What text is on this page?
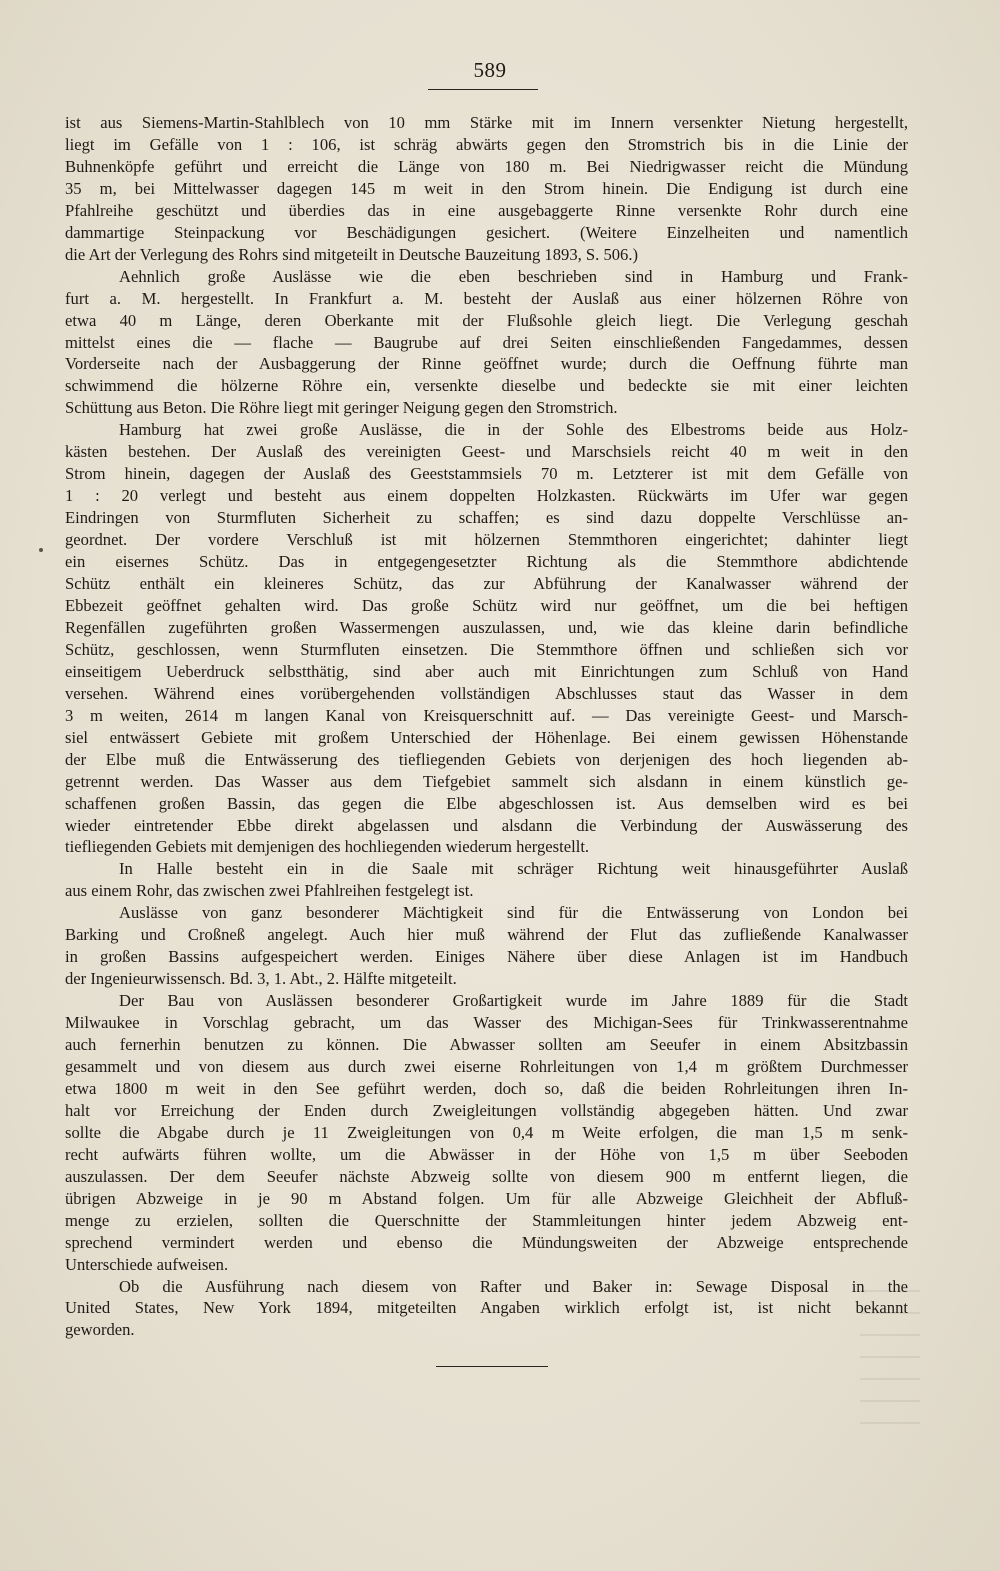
589

ist aus Siemens-Martin-Stahlblech von 10 mm Stärke mit im Innern versenkter Nietung hergestellt,

liegt im Gefälle von 1 : 106, ist schräg abwärts gegen den Stromstrich bis in die Linie der

Buhnenköpfe geführt und erreicht die Länge von 180 m. Bei Niedrigwasser reicht die Mündung

35 m, bei Mittelwasser dagegen 145 m weit in den Strom hinein. Die Endigung ist durch eine

Pfahlreihe geschützt und überdies das in eine ausgebaggerte Rinne versenkte Rohr durch eine

dammartige Steinpackung vor Beschädigungen gesichert. (Weitere Einzelheiten und namentlich

die Art der Verlegung des Rohrs sind mitgeteilt in Deutsche Bauzeitung 1893, S. 506.)

Aehnlich große Auslässe wie die eben beschrieben sind in Hamburg und Frank-

furt a. M. hergestellt. In Frankfurt a. M. besteht der Auslaß aus einer hölzernen Röhre von

etwa 40 m Länge, deren Oberkante mit der Flußsohle gleich liegt. Die Verlegung geschah

mittelst eines die — flache — Baugrube auf drei Seiten einschließenden Fangedammes, dessen

Vorderseite nach der Ausbaggerung der Rinne geöffnet wurde; durch die Oeffnung führte man

schwimmend die hölzerne Röhre ein, versenkte dieselbe und bedeckte sie mit einer leichten

Schüttung aus Beton. Die Röhre liegt mit geringer Neigung gegen den Stromstrich.

Hamburg hat zwei große Auslässe, die in der Sohle des Elbestroms beide aus Holz-

kästen bestehen. Der Auslaß des vereinigten Geest- und Marschsiels reicht 40 m weit in den

Strom hinein, dagegen der Auslaß des Geeststammsiels 70 m. Letzterer ist mit dem Gefälle von

1 : 20 verlegt und besteht aus einem doppelten Holzkasten. Rückwärts im Ufer war gegen

Eindringen von Sturmfluten Sicherheit zu schaffen; es sind dazu doppelte Verschlüsse an-

geordnet. Der vordere Verschluß ist mit hölzernen Stemmthoren eingerichtet; dahinter liegt

ein eisernes Schütz. Das in entgegengesetzter Richtung als die Stemmthore abdichtende

Schütz enthält ein kleineres Schütz, das zur Abführung der Kanalwasser während der

Ebbezeit geöffnet gehalten wird. Das große Schütz wird nur geöffnet, um die bei heftigen

Regenfällen zugeführten großen Wassermengen auszulassen, und, wie das kleine darin befindliche

Schütz, geschlossen, wenn Sturmfluten einsetzen. Die Stemmthore öffnen und schließen sich vor

einseitigem Ueberdruck selbstthätig, sind aber auch mit Einrichtungen zum Schluß von Hand

versehen. Während eines vorübergehenden vollständigen Abschlusses staut das Wasser in dem

3 m weiten, 2614 m langen Kanal von Kreisquerschnitt auf. — Das vereinigte Geest- und Marsch-

siel entwässert Gebiete mit großem Unterschied der Höhenlage. Bei einem gewissen Höhenstande

der Elbe muß die Entwässerung des tiefliegenden Gebiets von derjenigen des hoch liegenden ab-

getrennt werden. Das Wasser aus dem Tiefgebiet sammelt sich alsdann in einem künstlich ge-

schaffenen großen Bassin, das gegen die Elbe abgeschlossen ist. Aus demselben wird es bei

wieder eintretender Ebbe direkt abgelassen und alsdann die Verbindung der Auswässerung des

tiefliegenden Gebiets mit demjenigen des hochliegenden wiederum hergestellt.

In Halle besteht ein in die Saale mit schräger Richtung weit hinausgeführter Auslaß

aus einem Rohr, das zwischen zwei Pfahlreihen festgelegt ist.

Auslässe von ganz besonderer Mächtigkeit sind für die Entwässerung von London bei

Barking und Croßneß angelegt. Auch hier muß während der Flut das zufließende Kanalwasser

in großen Bassins aufgespeichert werden. Einiges Nähere über diese Anlagen ist im Handbuch

der Ingenieurwissensch. Bd. 3, 1. Abt., 2. Hälfte mitgeteilt.

Der Bau von Auslässen besonderer Großartigkeit wurde im Jahre 1889 für die Stadt

Milwaukee in Vorschlag gebracht, um das Wasser des Michigan-Sees für Trinkwasserentnahme

auch fernerhin benutzen zu können. Die Abwasser sollten am Seeufer in einem Absitzbassin

gesammelt und von diesem aus durch zwei eiserne Rohrleitungen von 1,4 m größtem Durchmesser

etwa 1800 m weit in den See geführt werden, doch so, daß die beiden Rohrleitungen ihren In-

halt vor Erreichung der Enden durch Zweigleitungen vollständig abgegeben hätten. Und zwar

sollte die Abgabe durch je 11 Zweigleitungen von 0,4 m Weite erfolgen, die man 1,5 m senk-

recht aufwärts führen wollte, um die Abwässer in der Höhe von 1,5 m über Seeboden

auszulassen. Der dem Seeufer nächste Abzweig sollte von diesem 900 m entfernt liegen, die

übrigen Abzweige in je 90 m Abstand folgen. Um für alle Abzweige Gleichheit der Abfluß-

menge zu erzielen, sollten die Querschnitte der Stammleitungen hinter jedem Abzweig ent-

sprechend vermindert werden und ebenso die Mündungsweiten der Abzweige entsprechende

Unterschiede aufweisen.

Ob die Ausführung nach diesem von Rafter und Baker in: Sewage Disposal in the

United States, New York 1894, mitgeteilten Angaben wirklich erfolgt ist, ist nicht bekannt

geworden.
